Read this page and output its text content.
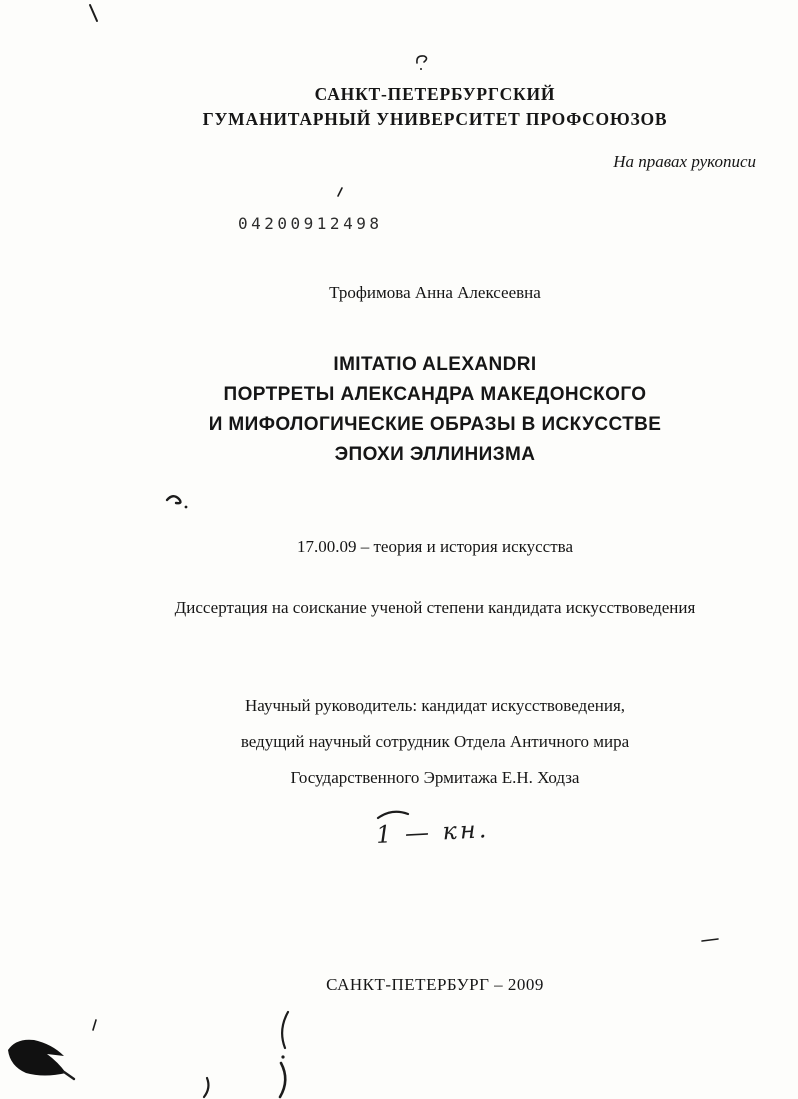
САНКТ-ПЕТЕРБУРГСКИЙ
ГУМАНИТАРНЫЙ УНИВЕРСИТЕТ ПРОФСОЮЗОВ
На правах рукописи
04200912498
Трофимова Анна Алексеевна
IMITATIO ALEXANDRI
ПОРТРЕТЫ АЛЕКСАНДРА МАКЕДОНСКОГО
И МИФОЛОГИЧЕСКИЕ ОБРАЗЫ В ИСКУССТВЕ
ЭПОХИ ЭЛЛИНИЗМА
17.00.09 – теория и история искусства
Диссертация на соискание ученой степени кандидата искусствоведения
Научный руководитель: кандидат искусствоведения,
ведущий научный сотрудник Отдела Античного мира
Государственного Эрмитажа Е.Н. Ходза
1 — кн.
САНКТ-ПЕТЕРБУРГ – 2009
